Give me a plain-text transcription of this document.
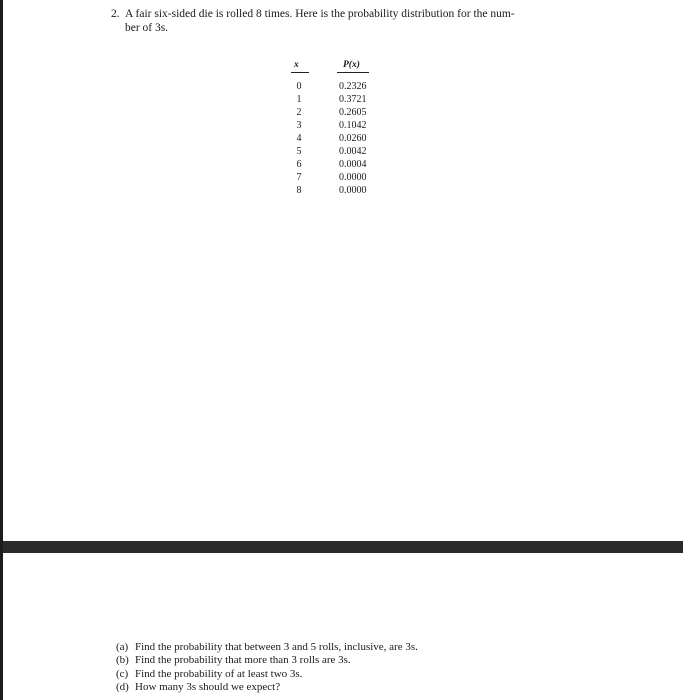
2. A fair six-sided die is rolled 8 times. Here is the probability distribution for the num-
ber of 3s.
x	P(x)
0	0.2326
1	0.3721
2	0.2605
3	0.1042
4	0.0260
5	0.0042
6	0.0004
7	0.0000
8	0.0000
(a) Find the probability that between 3 and 5 rolls, inclusive, are 3s.
(b) Find the probability that more than 3 rolls are 3s.
(c) Find the probability of at least two 3s.
(d) How many 3s should we expect?
